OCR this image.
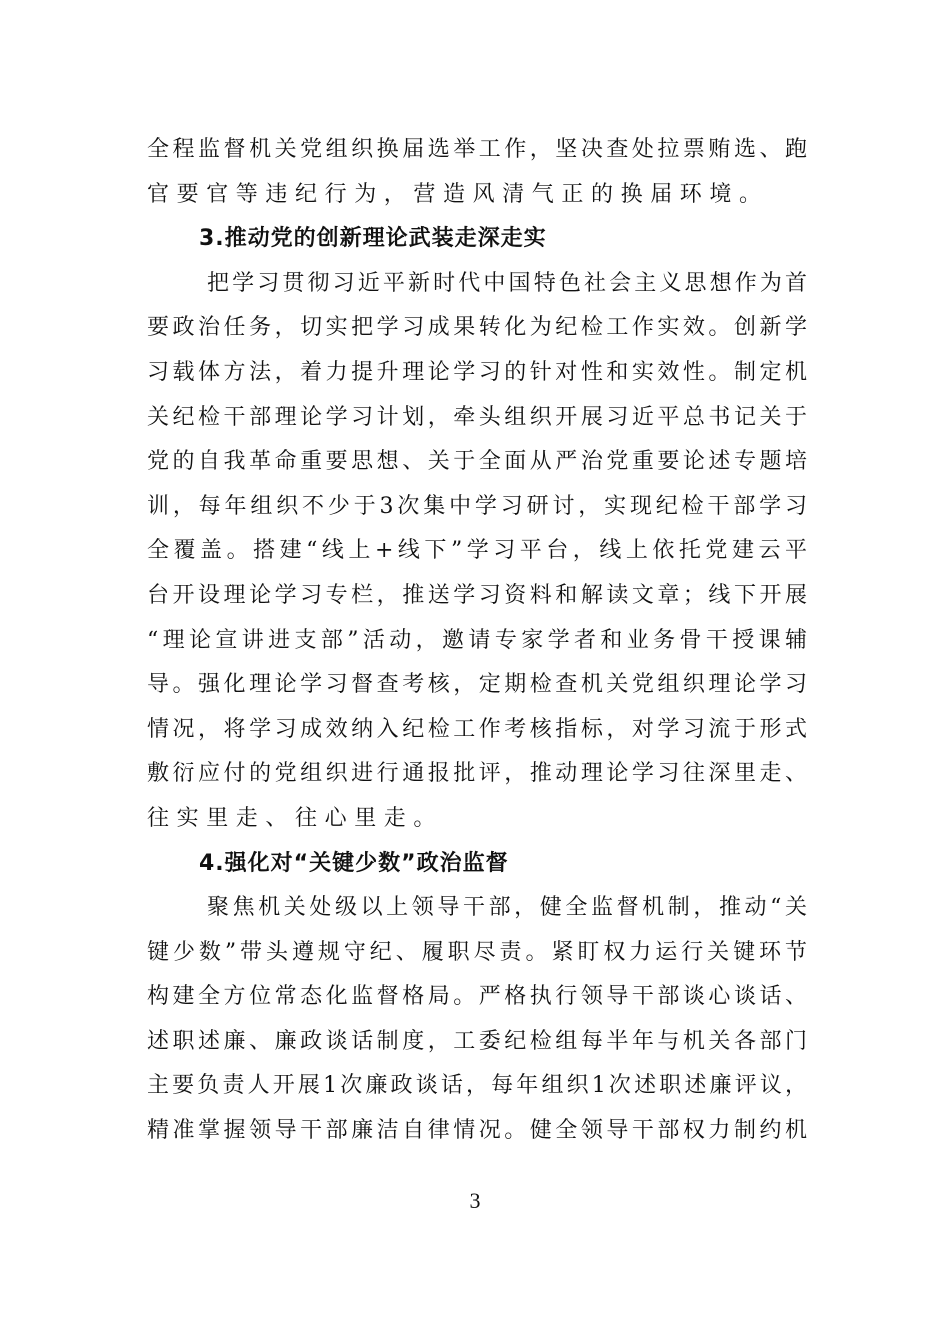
全程监督机关党组织换届选举工作，坚决查处拉票贿选、跑
官要官等违纪行为，营造风清气正的换届环境。
3.推动党的创新理论武装走深走实
把学习贯彻习近平新时代中国特色社会主义思想作为首
要政治任务，切实把学习成果转化为纪检工作实效。创新学
习载体方法，着力提升理论学习的针对性和实效性。制定机
关纪检干部理论学习计划，牵头组织开展习近平总书记关于
党的自我革命重要思想、关于全面从严治党重要论述专题培
训，每年组织不少于3次集中学习研讨，实现纪检干部学习
全覆盖。搭建“线上+线下”学习平台，线上依托党建云平
台开设理论学习专栏，推送学习资料和解读文章；线下开展
“理论宣讲进支部”活动，邀请专家学者和业务骨干授课辅
导。强化理论学习督查考核，定期检查机关党组织理论学习
情况，将学习成效纳入纪检工作考核指标，对学习流于形式
敷衍应付的党组织进行通报批评，推动理论学习往深里走、
往实里走、往心里走。
4.强化对“关键少数”政治监督
聚焦机关处级以上领导干部，健全监督机制，推动“关
键少数”带头遵规守纪、履职尽责。紧盯权力运行关键环节
构建全方位常态化监督格局。严格执行领导干部谈心谈话、
述职述廉、廉政谈话制度，工委纪检组每半年与机关各部门
主要负责人开展1次廉政谈话，每年组织1次述职述廉评议，
精准掌握领导干部廉洁自律情况。健全领导干部权力制约机
3
